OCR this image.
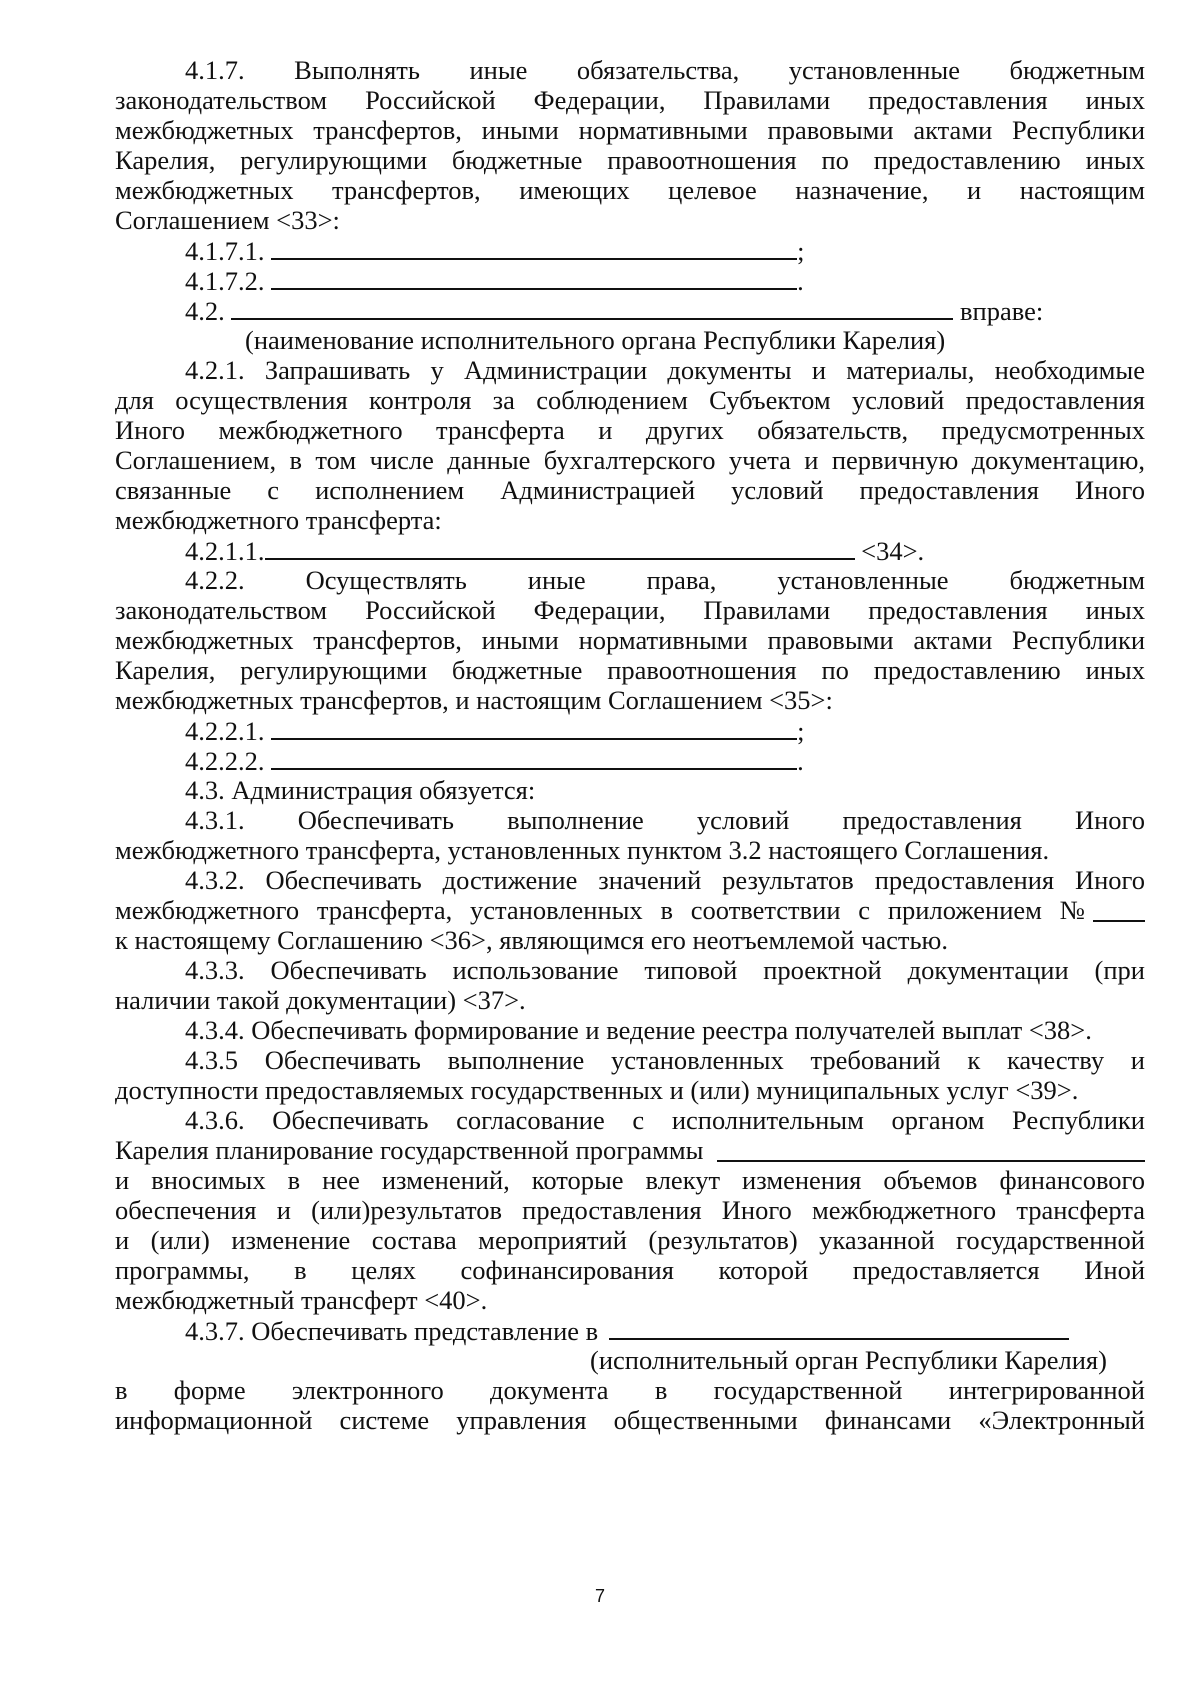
4.1.7. Выполнять иные обязательства, установленные бюджетным
законодательством Российской Федерации, Правилами предоставления иных
межбюджетных трансфертов, иными нормативными правовыми актами Республики
Карелия, регулирующими бюджетные правоотношения по предоставлению иных
межбюджетных трансфертов, имеющих целевое назначение, и настоящим
Соглашением <33>:
4.1.7.1.	;
4.1.7.2.	.
4.2.	вправе:
(наименование исполнительного органа Республики Карелия)
4.2.1. Запрашивать у Администрации документы и материалы, необходимые
для осуществления контроля за соблюдением Субъектом условий предоставления
Иного межбюджетного трансферта и других обязательств, предусмотренных
Соглашением, в том числе данные бухгалтерского учета и первичную документацию,
связанные с исполнением Администрацией условий предоставления Иного
межбюджетного трансферта:
4.2.1.1.	<34>.
4.2.2. Осуществлять иные права, установленные бюджетным
законодательством Российской Федерации, Правилами предоставления иных
межбюджетных трансфертов, иными нормативными правовыми актами Республики
Карелия, регулирующими бюджетные правоотношения по предоставлению иных
межбюджетных трансфертов, и настоящим Соглашением <35>:
4.2.2.1.	;
4.2.2.2.	.
4.3. Администрация обязуется:
4.3.1. Обеспечивать выполнение условий предоставления Иного
межбюджетного трансферта, установленных пунктом 3.2 настоящего Соглашения.
4.3.2. Обеспечивать достижение значений результатов предоставления Иного
межбюджетного трансферта, установленных в соответствии с приложением №
к настоящему Соглашению <36>, являющимся его неотъемлемой частью.
4.3.3. Обеспечивать использование типовой проектной документации (при
наличии такой документации) <37>.
4.3.4. Обеспечивать формирование и ведение реестра получателей выплат <38>.
4.3.5 Обеспечивать выполнение установленных требований к качеству и
доступности предоставляемых государственных и (или) муниципальных услуг <39>.
4.3.6. Обеспечивать согласование с исполнительным органом Республики
Карелия планирование государственной программы
и вносимых в нее изменений, которые влекут изменения объемов финансового
обеспечения и (или)результатов предоставления Иного межбюджетного трансферта
и (или) изменение состава мероприятий (результатов) указанной государственной
программы, в целях софинансирования которой предоставляется Иной
межбюджетный трансферт <40>.
4.3.7. Обеспечивать представление в
(исполнительный орган Республики Карелия)
в форме электронного документа в государственной интегрированной
информационной системе управления общественными финансами «Электронный
7
